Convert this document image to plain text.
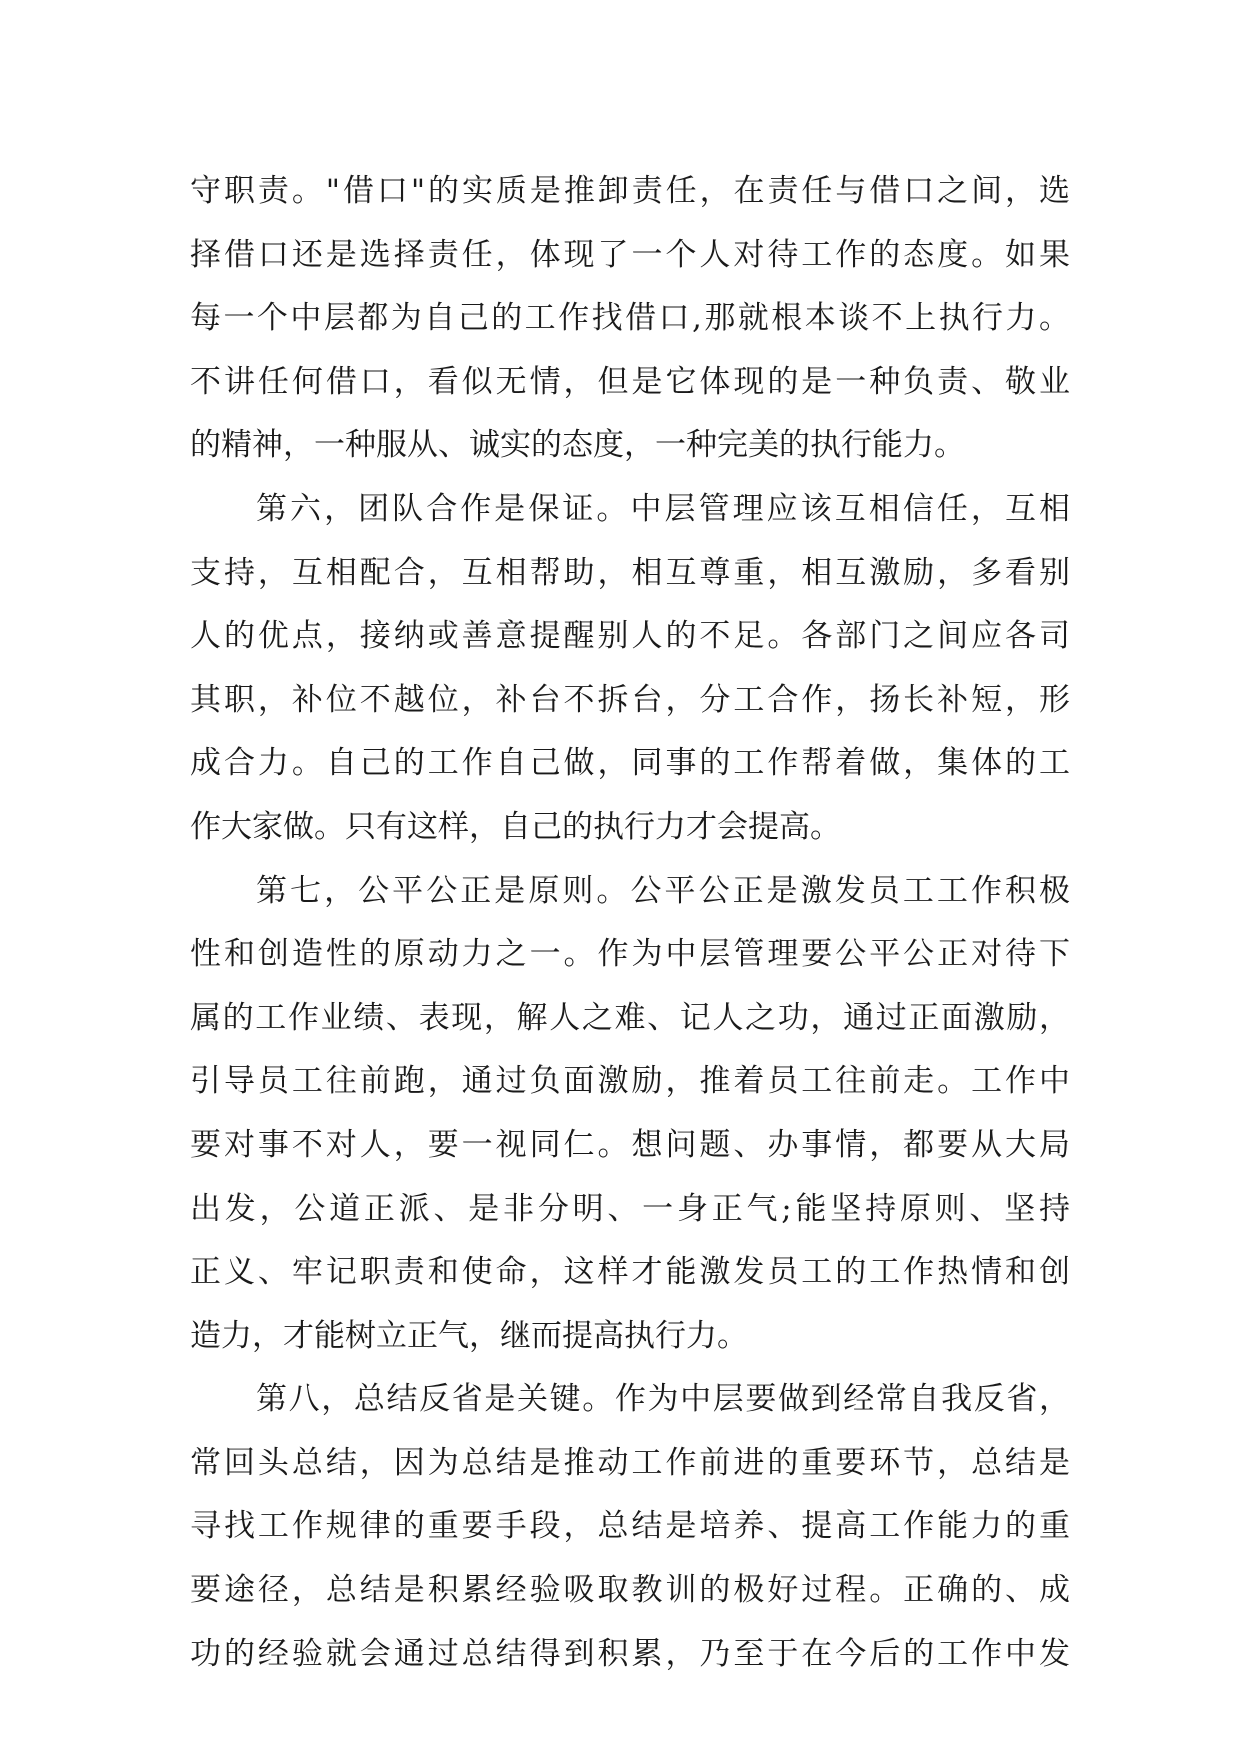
守职责。"借口"的实质是推卸责任，在责任与借口之间，选
择借口还是选择责任，体现了一个人对待工作的态度。如果
每一个中层都为自己的工作找借口,那就根本谈不上执行力。
不讲任何借口，看似无情，但是它体现的是一种负责、敬业
的精神，一种服从、诚实的态度，一种完美的执行能力。
第六，团队合作是保证。中层管理应该互相信任，互相
支持，互相配合，互相帮助，相互尊重，相互激励，多看别
人的优点，接纳或善意提醒别人的不足。各部门之间应各司
其职，补位不越位，补台不拆台，分工合作，扬长补短，形
成合力。自己的工作自己做，同事的工作帮着做，集体的工
作大家做。只有这样，自己的执行力才会提高。
第七，公平公正是原则。公平公正是激发员工工作积极
性和创造性的原动力之一。作为中层管理要公平公正对待下
属的工作业绩、表现，解人之难、记人之功，通过正面激励，
引导员工往前跑，通过负面激励，推着员工往前走。工作中
要对事不对人，要一视同仁。想问题、办事情，都要从大局
出发，公道正派、是非分明、一身正气;能坚持原则、坚持
正义、牢记职责和使命，这样才能激发员工的工作热情和创
造力，才能树立正气，继而提高执行力。
第八，总结反省是关键。作为中层要做到经常自我反省，
常回头总结，因为总结是推动工作前进的重要环节，总结是
寻找工作规律的重要手段，总结是培养、提高工作能力的重
要途径，总结是积累经验吸取教训的极好过程。正确的、成
功的经验就会通过总结得到积累，乃至于在今后的工作中发
